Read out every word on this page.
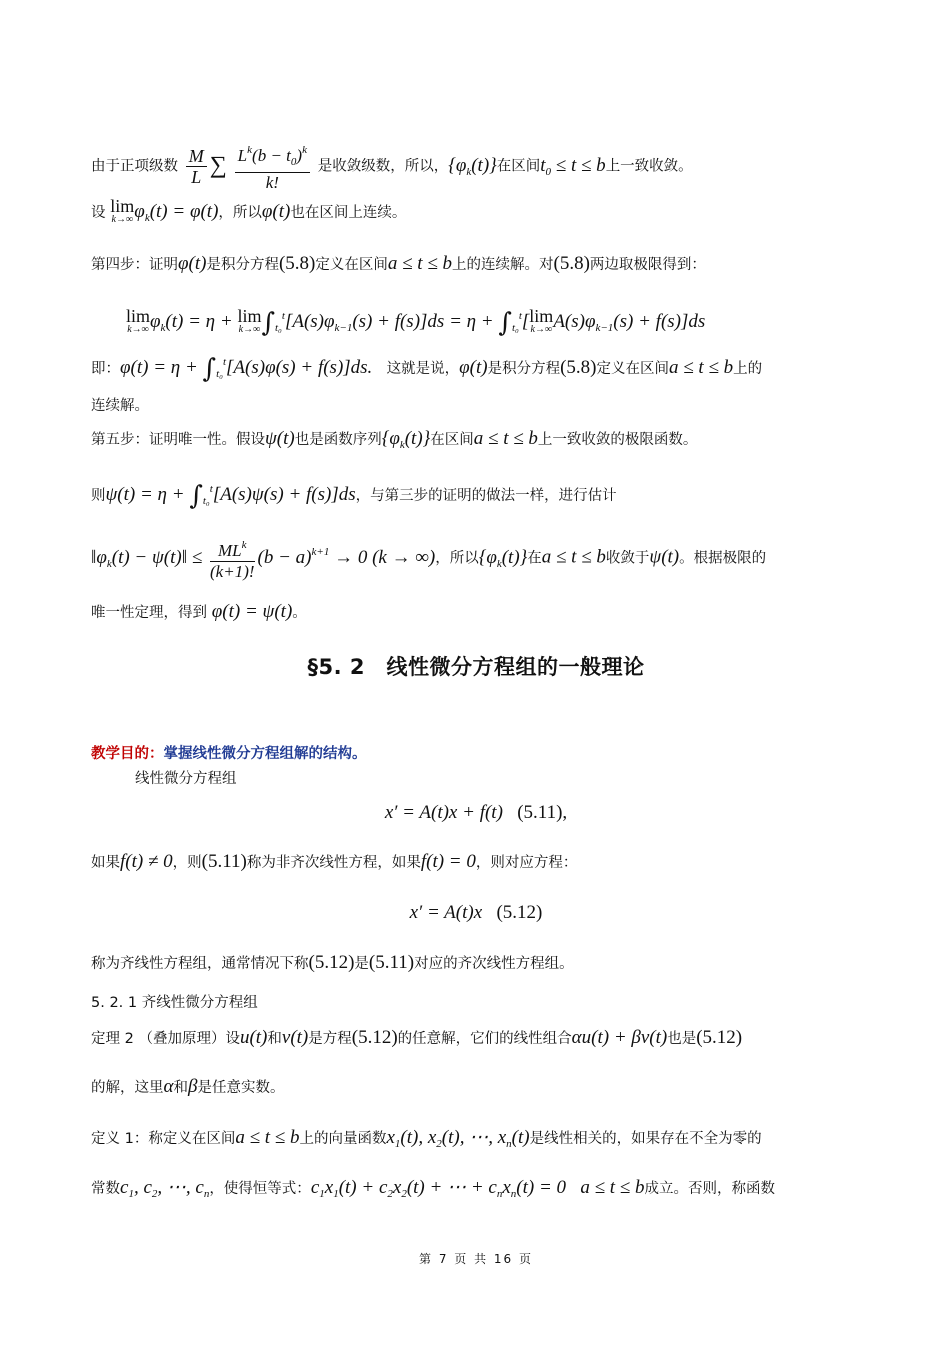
由于正项级数 $\frac{M}{L}$ ∑ $\frac{L^k(b - t_0)^k}{k!}$ 是收敛级数，所以，$\{\varphi_k(t)\}$在区间$t_0 \le t \le b$上一致收敛。
设 lim
k→∞ $\varphi_k(t) = \varphi(t)$，所以φ(t)也在区间上连续。
第四步：证明φ(t)是积分方程(5.8)定义在区间a ≤ t ≤ b上的连续解。对(5.8)两边取极限得到：
lim
k→∞ $\varphi_k(t) = \eta + \lim$
k→∞ $\int_{t_0}^t[A(s)\varphi_{k-1}(s) + f(s)]ds = \eta + \int_{t_0}^t$[ lim
k→∞ $A(s)\varphi_{k-1}(s) + f(s)]ds$
即：$\varphi(t) = \eta + \int_{t_0}^t[A(s)\varphi(s) + f(s)]ds$. 这就是说，φ(t)是积分方程(5.8)定义在区间a ≤ t ≤ b上的
连续解。
第五步：证明唯一性。假设ψ(t)也是函数序列$\{\varphi_k(t)\}$在区间a ≤ t ≤ b上一致收敛的极限函数。
则$\psi(t) = \eta + \int_{t_0}^t[A(s)\psi(s) + f(s)]ds$，与第三步的证明的做法一样，进行估计
$‖\varphi_k(t)$ − ψ(t)‖ ≤ $\frac{ML^k}{(k+1)!} (b - a)^{k+1} \to 0$ (k → ∞)，所以$\{\varphi_k(t)\}$在a ≤ t ≤ b收敛于ψ(t)。根据极限的
唯一性定理，得到 φ(t) = ψ(t)。
§5. 2　线性微分方程组的一般理论
教学目的：掌握线性微分方程组解的结构。
线性微分方程组
x′ = A(t)x + f(t) (5.11),
如果f(t) ≠ 0，则(5.11)称为非齐次线性方程，如果f(t) = 0，则对应方程：
x′ = A(t)x (5.12)
称为齐线性方程组，通常情况下称(5.12)是(5.11)对应的齐次线性方程组。
5. 2. 1 齐线性微分方程组
定理 2 （叠加原理）设u(t)和v(t)是方程(5.12)的任意解，它们的线性组合αu(t) + βv(t)也是(5.12)
的解，这里α和β是任意实数。
定义 1：称定义在区间a ≤ t ≤ b上的向量函数$x_1(t)$, $x_2(t)$, ⋯, $x_n(t)$是线性相关的，如果存在不全为零的
常数$c_1$, $c_2$, ⋯, $c_n$，使得恒等式：$c_1x_1(t) + c_2x_2(t)$ + ⋯ + $c_nx_n(t) = 0$ a ≤ t ≤ b成立。否则，称函数
第 7 页 共 16 页
